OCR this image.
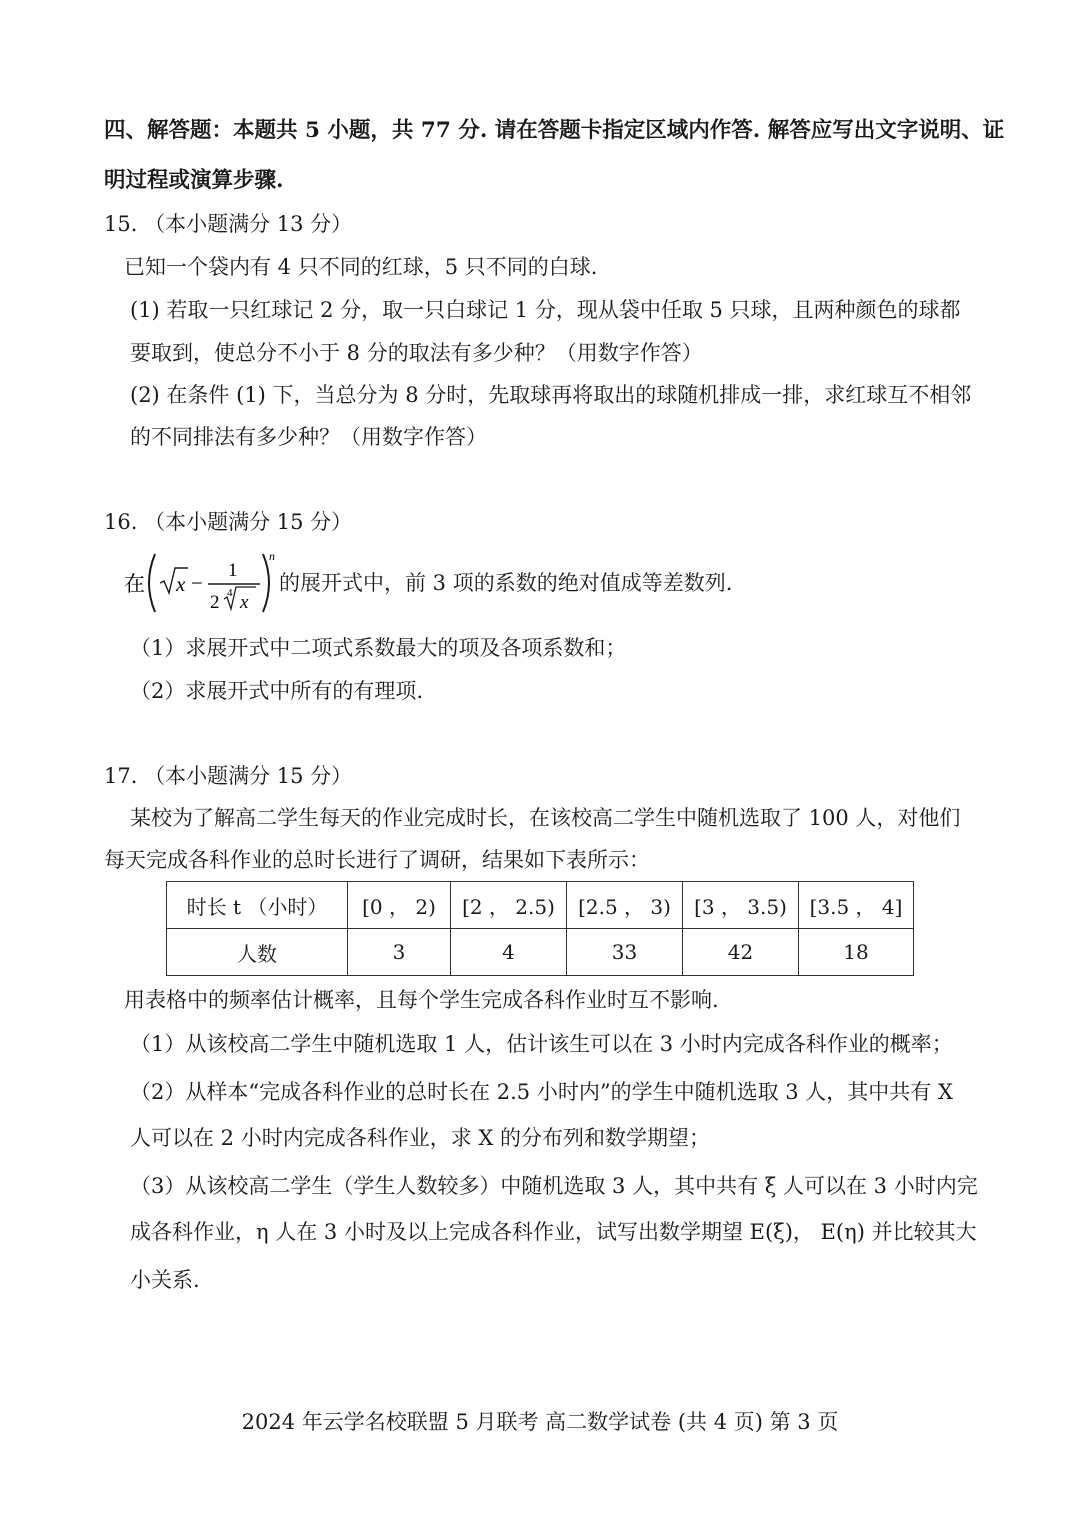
四、解答题：本题共 5 小题，共 77 分. 请在答题卡指定区域内作答. 解答应写出文字说明、证
明过程或演算步骤.
15. （本小题满分 13 分）
已知一个袋内有 4 只不同的红球，5 只不同的白球.
(1) 若取一只红球记 2 分，取一只白球记 1 分，现从袋中任取 5 只球，且两种颜色的球都
要取到，使总分不小于 8 分的取法有多少种？（用数字作答）
(2) 在条件 (1) 下，当总分为 8 分时，先取球再将取出的球随机排成一排，求红球互不相邻
的不同排法有多少种？（用数字作答）
16. （本小题满分 15 分）
在 x −
1
2 4 x
n
的展开式中，前 3 项的系数的绝对值成等差数列.
（1）求展开式中二项式系数最大的项及各项系数和；
（2）求展开式中所有的有理项.
17. （本小题满分 15 分）
某校为了解高二学生每天的作业完成时长，在该校高二学生中随机选取了 100 人，对他们
每天完成各科作业的总时长进行了调研，结果如下表所示：
时长 t （小时）	[0 ， 2)	[2 ， 2.5)	[2.5 ， 3)	[3 ， 3.5)	[3.5 ， 4]
人数	3	4	33	42	18
用表格中的频率估计概率，且每个学生完成各科作业时互不影响.
（1）从该校高二学生中随机选取 1 人，估计该生可以在 3 小时内完成各科作业的概率；
（2）从样本“完成各科作业的总时长在 2.5 小时内”的学生中随机选取 3 人，其中共有 X
人可以在 2 小时内完成各科作业，求 X 的分布列和数学期望；
（3）从该校高二学生（学生人数较多）中随机选取 3 人，其中共有 ξ 人可以在 3 小时内完
成各科作业，η 人在 3 小时及以上完成各科作业，试写出数学期望 E(ξ)， E(η) 并比较其大
小关系.
2024 年云学名校联盟 5 月联考 高二数学试卷 (共 4 页) 第 3 页
